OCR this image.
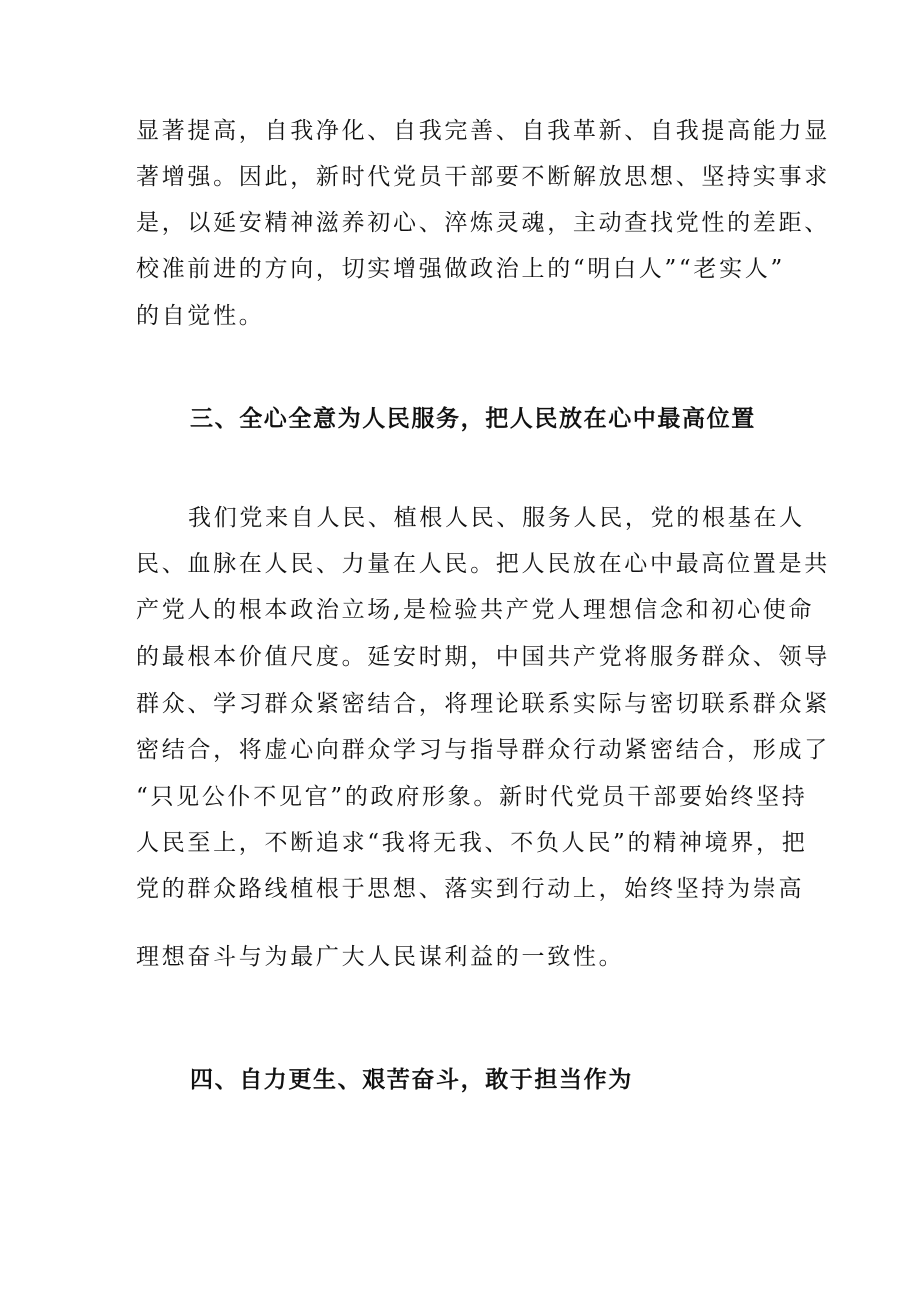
显著提高，自我净化、自我完善、自我革新、自我提高能力显
著增强。因此，新时代党员干部要不断解放思想、坚持实事求
是，以延安精神滋养初心、淬炼灵魂，主动查找党性的差距、
校准前进的方向，切实增强做政治上的“明白人”“老实人”
的自觉性。
三、全心全意为人民服务，把人民放在心中最高位置
我们党来自人民、植根人民、服务人民，党的根基在人
民、血脉在人民、力量在人民。把人民放在心中最高位置是共
产党人的根本政治立场,是检验共产党人理想信念和初心使命
的最根本价值尺度。延安时期，中国共产党将服务群众、领导
群众、学习群众紧密结合，将理论联系实际与密切联系群众紧
密结合，将虚心向群众学习与指导群众行动紧密结合，形成了
“只见公仆不见官”的政府形象。新时代党员干部要始终坚持
人民至上，不断追求“我将无我、不负人民”的精神境界，把
党的群众路线植根于思想、落实到行动上，始终坚持为崇高
理想奋斗与为最广大人民谋利益的一致性。
四、自力更生、艰苦奋斗，敢于担当作为
